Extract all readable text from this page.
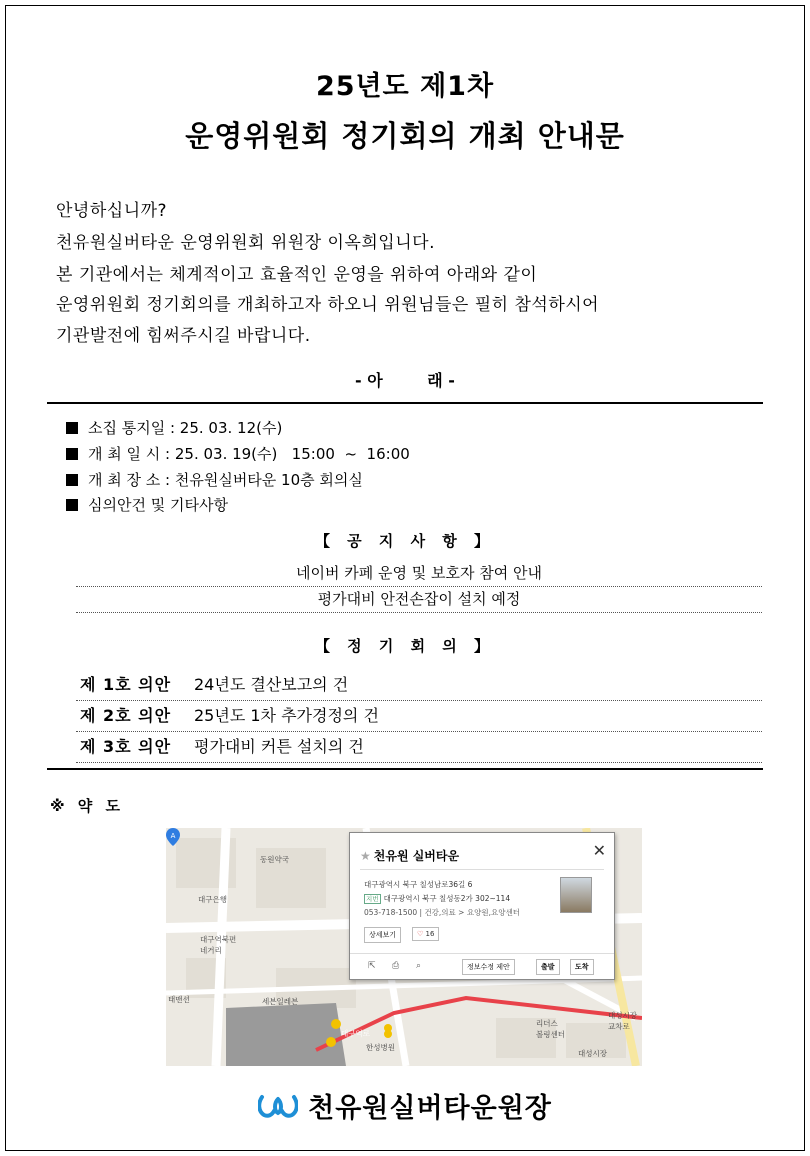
25년도 제1차
운영위원회 정기회의 개최 안내문
안녕하십니까?
천유원실버타운 운영위원회 위원장 이옥희입니다.
본 기관에서는 체계적이고 효율적인 운영을 위하여 아래와 같이
운영위원회 정기회의를 개최하고자 하오니 위원님들은 필히 참석하시어
기관발전에 힘써주시길 바랍니다.
- 아        래 -
소집 통지일 : 25. 03. 12(수)
개 최 일 시 : 25. 03. 19(수)   15:00  ~  16:00
개 최 장 소 : 천유원실버타운 10층 회의실
심의안건 및 기타사항
【 공 지 사 항 】
네이버 카페 운영 및 보호자 참여 안내
평가대비 안전손잡이 설치 예정
【 정 기 회 의 】
제 1호 의안	24년도 결산보고의 건
제 2호 의안	25년도 1차 추가경정의 건
제 3호 의안	평가대비 커튼 설치의 건
※ 약 도
동원약국
대구은행
대구역북편
네거리
태맨션	세븐일레븐
대구역로
한성병원
리더스
볼링센터
대성시장
대성시장
교차로
A
★ 천유원 실버타운	✕
대구광역시 북구 칠성남로36길 6
지번 대구광역시 북구 칠성동2가 302~114
053-718-1500 | 건강,의료 > 요양원,요양센터
상세보기	♡ 16
⇱ ⎙ ⌕	정보수정 제안	출발	도착
천유원실버타운원장
